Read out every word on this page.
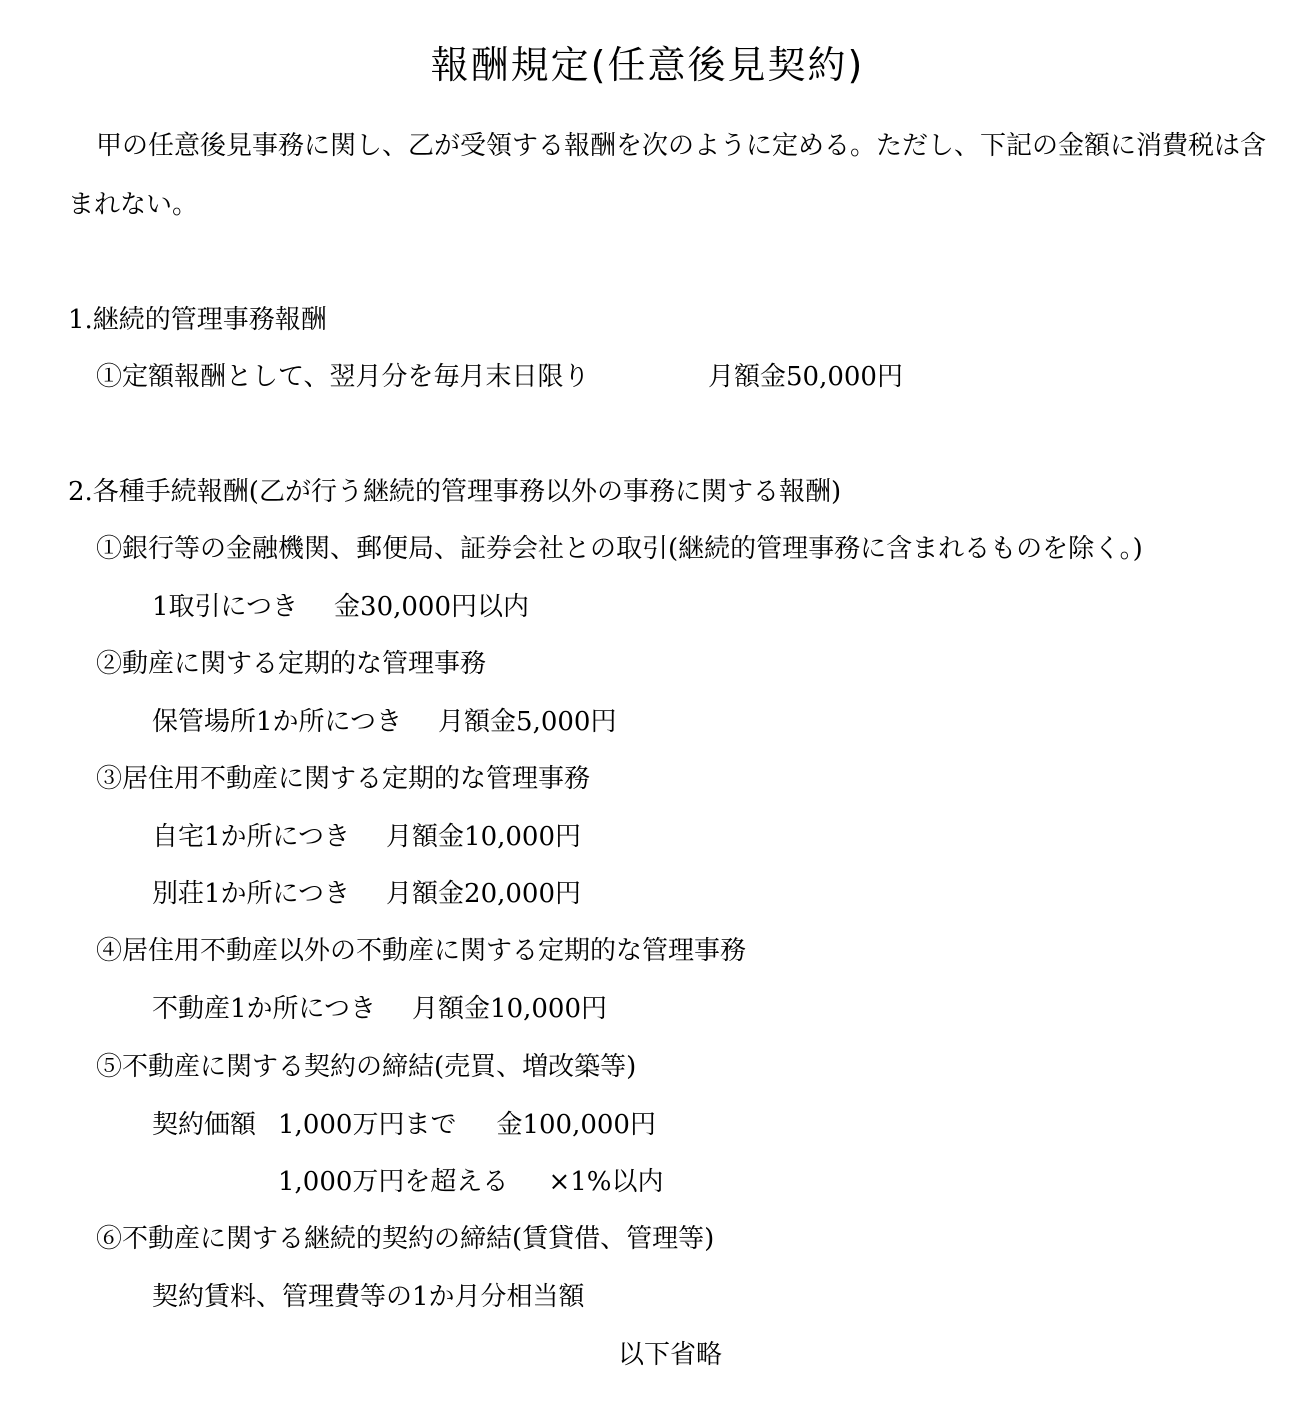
報酬規定(任意後見契約)
甲の任意後見事務に関し、乙が受領する報酬を次のように定める。ただし、下記の金額に消費税は含
まれない。
1.継続的管理事務報酬
①定額報酬として、翌月分を毎月末日限り	月額金50,000円
2.各種手続報酬(乙が行う継続的管理事務以外の事務に関する報酬)
①銀行等の金融機関、郵便局、証券会社との取引(継続的管理事務に含まれるものを除く。)
1取引につき 金30,000円以内
②動産に関する定期的な管理事務
保管場所1か所につき 月額金5,000円
③居住用不動産に関する定期的な管理事務
自宅1か所につき 月額金10,000円
別荘1か所につき 月額金20,000円
④居住用不動産以外の不動産に関する定期的な管理事務
不動産1か所につき 月額金10,000円
⑤不動産に関する契約の締結(売買、増改築等)
契約価額 1,000万円まで 金100,000円
1,000万円を超える ×1%以内
⑥不動産に関する継続的契約の締結(賃貸借、管理等)
契約賃料、管理費等の1か月分相当額
以下省略
